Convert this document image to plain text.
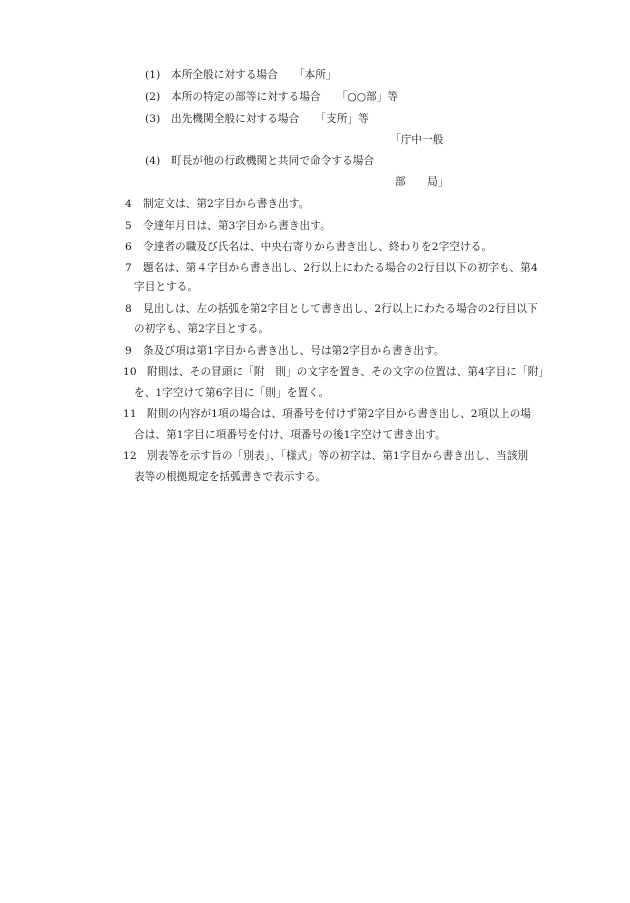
(1) 本所全般に対する場合 「本所」
(2) 本所の特定の部等に対する場合 「○○部」等
(3) 出先機関全般に対する場合 「支所」等
「庁中一般
(4) 町長が他の行政機関と共同で命令する場合
部　　局」
4 制定文は、第2字目から書き出す。
5 令達年月日は、第3字目から書き出す。
6 令達者の職及び氏名は、中央右寄りから書き出し、終わりを2字空ける。
7 題名は、第４字目から書き出し、2行以上にわたる場合の2行目以下の初字も、第4
字目とする。
8 見出しは、左の括弧を第2字目として書き出し、2行以上にわたる場合の2行目以下
の初字も、第2字目とする。
9 条及び項は第1字目から書き出し、号は第2字目から書き出す。
10 附則は、その冒頭に「附　則」の文字を置き、その文字の位置は、第4字目に「附」
を、1字空けて第6字目に「則」を置く。
11 附則の内容が1項の場合は、項番号を付けず第2字目から書き出し、2項以上の場
合は、第1字目に項番号を付け、項番号の後1字空けて書き出す。
12 別表等を示す旨の「別表」、「様式」等の初字は、第1字目から書き出し、当該別
表等の根拠規定を括弧書きで表示する。
